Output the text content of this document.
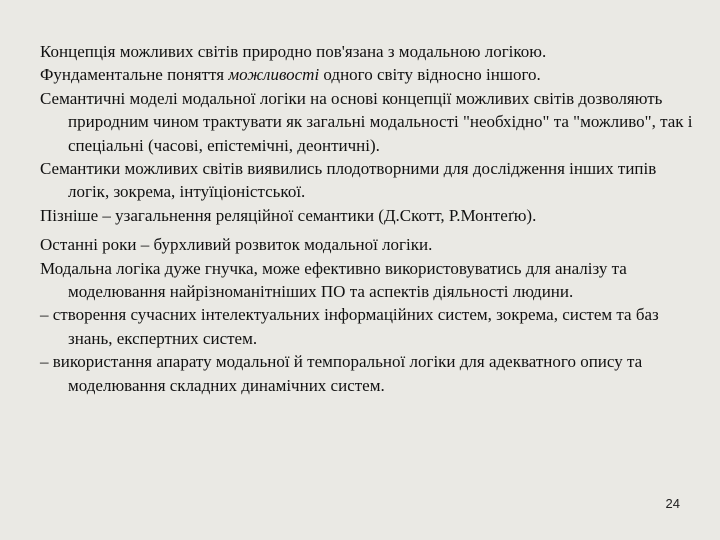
Концепція можливих світів природно пов'язана з модальною логікою.

Фундаментальне поняття можливості одного світу відносно іншого.

Семантичні моделі модальної логіки на основі концепції можливих світів дозволяють природним чином трактувати як загальні модальності "необхідно" та "можливо", так і спеціальні (часові, епістемічні, деонтичні).

Семантики можливих світів виявились плодотворними для дослідження інших типів логік, зокрема, інтуїціоністської.

Пізніше – узагальнення реляційної семантики (Д.Скотт, Р.Монтеґю).

Останні роки – бурхливий розвиток модальної логіки.

Модальна логіка дуже гнучка, може ефективно використовуватись для аналізу та моделювання найрізноманітніших ПО та аспектів діяльності людини.

– створення сучасних інтелектуальних інформаційних систем, зокрема, систем та баз знань, експертних систем.

– використання апарату модальної й темпоральної логіки для адекватного опису та моделювання складних динамічних систем.

24
